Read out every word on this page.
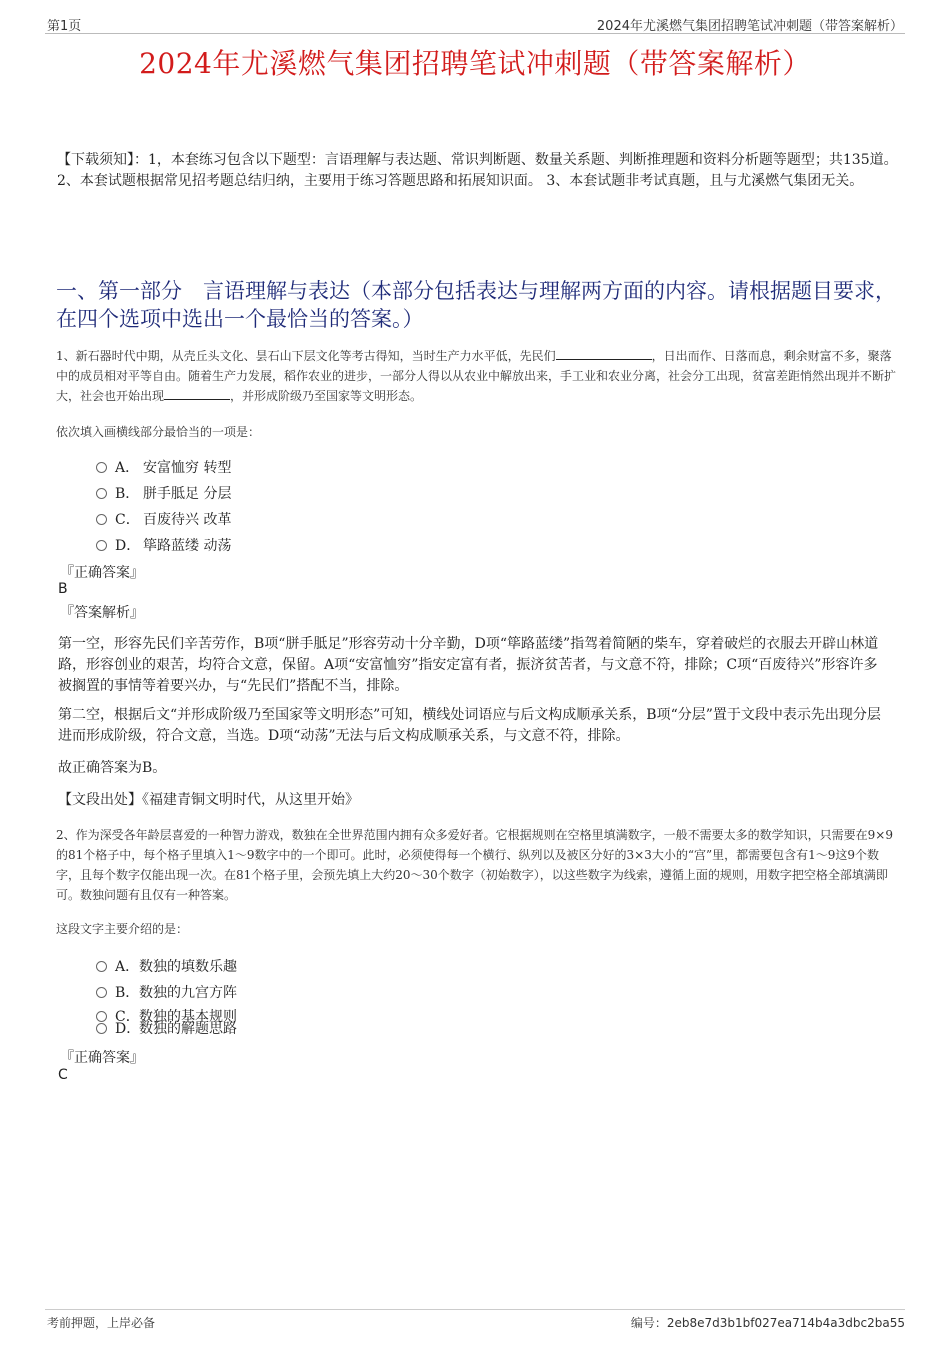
第1页	2024年尤溪燃气集团招聘笔试冲刺题（带答案解析）
2024年尤溪燃气集团招聘笔试冲刺题（带答案解析）
【下载须知】：1，本套练习包含以下题型：言语理解与表达题、常识判断题、数量关系题、判断推理题和资料分析题等题型；共135道。 2、本套试题根据常见招考题总结归纳，主要用于练习答题思路和拓展知识面。 3、本套试题非考试真题，且与尤溪燃气集团无关。
一、第一部分　言语理解与表达（本部分包括表达与理解两方面的内容。请根据题目要求，在四个选项中选出一个最恰当的答案。）
1、新石器时代中期，从壳丘头文化、昙石山下层文化等考古得知，当时生产力水平低，先民们	，日出而作、日落而息，剩余财富不多，聚落中的成员相对平等自由。随着生产力发展，稻作农业的进步，一部分人得以从农业中解放出来，手工业和农业分离，社会分工出现，贫富差距悄然出现并不断扩大，社会也开始出现	，并形成阶级乃至国家等文明形态。
依次填入画横线部分最恰当的一项是：
A． 安富恤穷 转型
B． 胼手胝足 分层
C． 百废待兴 改革
D． 筚路蓝缕 动荡
『正确答案』
B
『答案解析』
第一空，形容先民们辛苦劳作，B项“胼手胝足”形容劳动十分辛勤，D项“筚路蓝缕”指驾着简陋的柴车，穿着破烂的衣服去开辟山林道路，形容创业的艰苦，均符合文意，保留。A项“安富恤穷”指安定富有者，振济贫苦者，与文意不符，排除；C项“百废待兴”形容许多被搁置的事情等着要兴办，与“先民们”搭配不当，排除。
第二空，根据后文“并形成阶级乃至国家等文明形态”可知，横线处词语应与后文构成顺承关系，B项“分层”置于文段中表示先出现分层进而形成阶级，符合文意，当选。D项“动荡”无法与后文构成顺承关系，与文意不符，排除。
故正确答案为B。
【文段出处】《福建青铜文明时代，从这里开始》
2、作为深受各年龄层喜爱的一种智力游戏，数独在全世界范围内拥有众多爱好者。它根据规则在空格里填满数字，一般不需要太多的数学知识，只需要在9×9的81个格子中，每个格子里填入1～9数字中的一个即可。此时，必须使得每一个横行、纵列以及被区分好的3×3大小的“宫”里，都需要包含有1～9这9个数字，且每个数字仅能出现一次。在81个格子里，会预先填上大约20～30个数字（初始数字），以这些数字为线索，遵循上面的规则，用数字把空格全部填满即可。数独问题有且仅有一种答案。
这段文字主要介绍的是：
A．数独的填数乐趣
B．数独的九宫方阵
C．数独的基本规则
D．数独的解题思路
『正确答案』
C
考前押题，上岸必备	编号：2eb8e7d3b1bf027ea714b4a3dbc2ba55
